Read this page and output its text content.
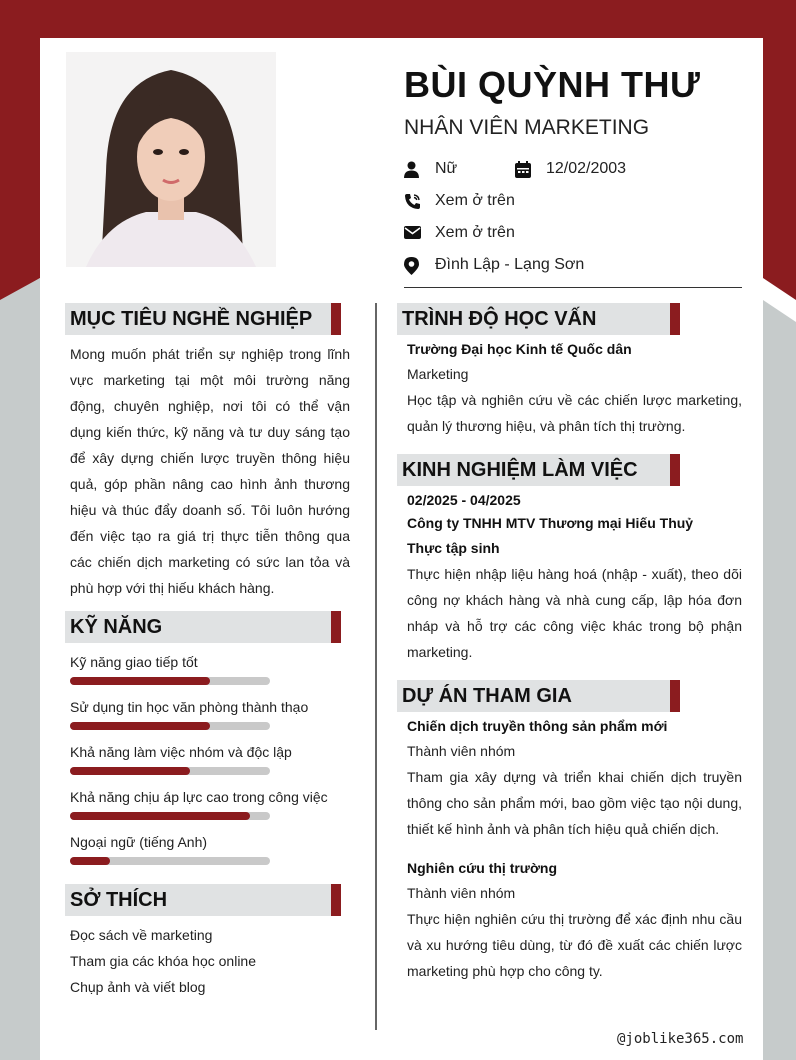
BÙI QUỲNH THƯ
NHÂN VIÊN MARKETING
Nữ	12/02/2003
Xem ở trên
Xem ở trên
Đình Lập - Lạng Sơn
MỤC TIÊU NGHỀ NGHIỆP
Mong muốn phát triển sự nghiệp trong lĩnh vực marketing tại một môi trường năng động, chuyên nghiệp, nơi tôi có thể vận dụng kiến thức, kỹ năng và tư duy sáng tạo để xây dựng chiến lược truyền thông hiệu quả, góp phần nâng cao hình ảnh thương hiệu và thúc đẩy doanh số. Tôi luôn hướng đến việc tạo ra giá trị thực tiễn thông qua các chiến dịch marketing có sức lan tỏa và phù hợp với thị hiếu khách hàng.
KỸ NĂNG
Kỹ năng giao tiếp tốt
Sử dụng tin học văn phòng thành thạo
Khả năng làm việc nhóm và độc lập
Khả năng chịu áp lực cao trong công việc
Ngoại ngữ (tiếng Anh)
SỞ THÍCH
Đọc sách về marketing
Tham gia các khóa học online
Chụp ảnh và viết blog
TRÌNH ĐỘ HỌC VẤN
Trường Đại học Kinh tế Quốc dân
Marketing
Học tập và nghiên cứu về các chiến lược marketing, quản lý thương hiệu, và phân tích thị trường.
KINH NGHIỆM LÀM VIỆC
02/2025 - 04/2025
Công ty TNHH MTV Thương mại Hiếu Thuỷ
Thực tập sinh
Thực hiện nhập liệu hàng hoá (nhập - xuất), theo dõi công nợ khách hàng và nhà cung cấp, lập hóa đơn nháp và hỗ trợ các công việc khác trong bộ phận marketing.
DỰ ÁN THAM GIA
Chiến dịch truyền thông sản phẩm mới
Thành viên nhóm
Tham gia xây dựng và triển khai chiến dịch truyền thông cho sản phẩm mới, bao gồm việc tạo nội dung, thiết kế hình ảnh và phân tích hiệu quả chiến dịch.
Nghiên cứu thị trường
Thành viên nhóm
Thực hiện nghiên cứu thị trường để xác định nhu cầu và xu hướng tiêu dùng, từ đó đề xuất các chiến lược marketing phù hợp cho công ty.
@joblike365.com
